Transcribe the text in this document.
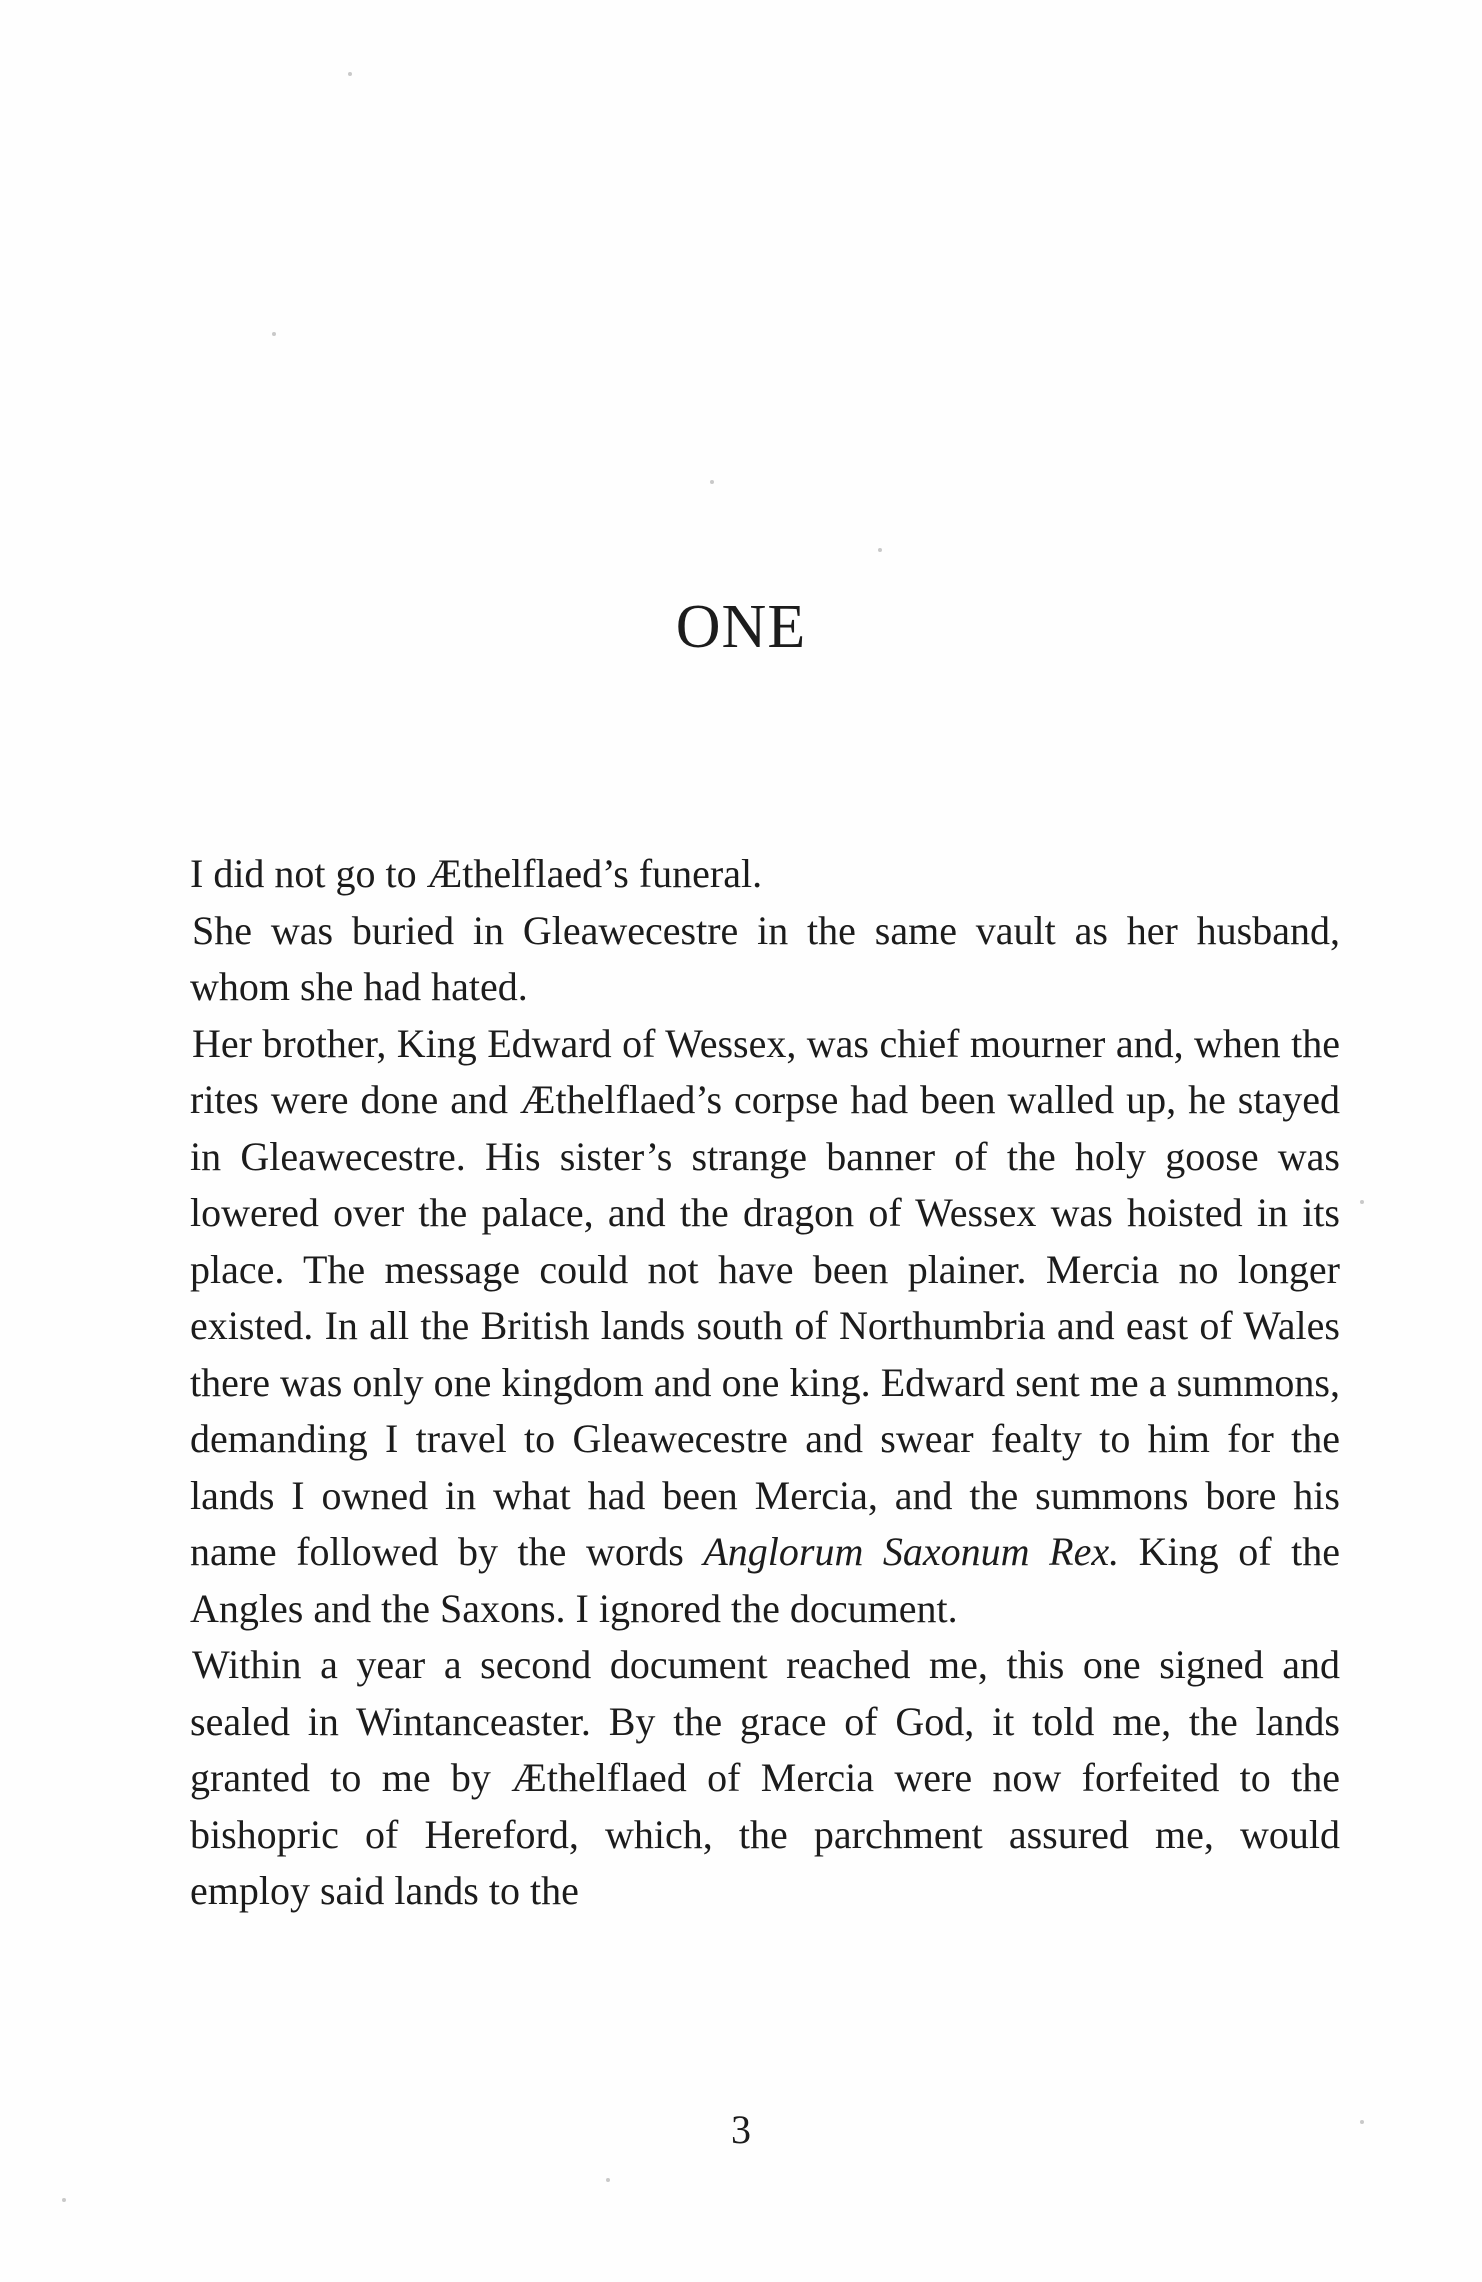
ONE

I did not go to Æthelflaed’s funeral.

She was buried in Gleawecestre in the same vault as her husband, whom she had hated.

Her brother, King Edward of Wessex, was chief mourner and, when the rites were done and Æthelflaed’s corpse had been walled up, he stayed in Gleawecestre. His sister’s strange banner of the holy goose was lowered over the palace, and the dragon of Wessex was hoisted in its place. The message could not have been plainer. Mercia no longer existed. In all the British lands south of Northumbria and east of Wales there was only one kingdom and one king. Edward sent me a summons, demanding I travel to Gleawecestre and swear fealty to him for the lands I owned in what had been Mercia, and the summons bore his name followed by the words Anglorum Saxonum Rex. King of the Angles and the Saxons. I ignored the document.

Within a year a second document reached me, this one signed and sealed in Wintanceaster. By the grace of God, it told me, the lands granted to me by Æthelflaed of Mercia were now forfeited to the bishopric of Hereford, which, the parchment assured me, would employ said lands to the

3
